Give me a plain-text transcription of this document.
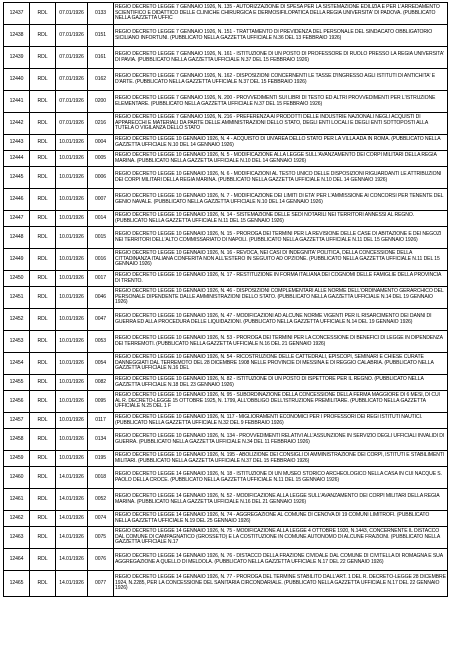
12437	RDL	07.01/1926	0133	REGIO DECRETO LEGGE 7 GENNAIO 1926, N. 135 - AUTORIZZAZIONE DI SPESA PER LA SISTEMAZIONE EDILIZIA E PER L'ARREDAMENTO SCIENTIFICO E DIDATTICO DELLE CLINICHE CHIRURGICA E DERMOSIFILOPATICA DELLA REGIA UNIVERSITA' DI PADOVA. (PUBBLICATO NELLA GAZZETTA UFFIC
12438	RDL	07.01/1926	0151	REGIO DECRETO LEGGE 7 GENNAIO 1926, N. 151 - TRATTAMENTO DI PREVIDENZA DEL PERSONALE DEL SINDACATO OBBLIGATORIO SICILIANO INFORTUNI. (PUBBLICATO NELLA GAZZETTA UFFICIALE N.36 DEL 13 FEBBRAIO 1926)
12439	RDL	07.01/1926	0161	REGIO DECRETO LEGGE 7 GENNAIO 1926, N. 161 - ISTITUZIONE DI UN POSTO DI PROFESSORE DI RUOLO PRESSO LA REGIA UNIVERSITA' DI PAVIA. (PUBBLICATO NELLA GAZZETTA UFFICIALE N.37 DEL 15 FEBBRAIO 1926)
12440	RDL	07.01/1926	0162	REGIO DECRETO LEGGE 7 GENNAIO 1926, N. 162 - DISPOSIZIONI CONCERNENTI LE TASSE D'INGRESSO AGLI ISTITUTI DI ANTICHITA' E D'ARTE. (PUBBLICATO NELLA GAZZETTA UFFICIALE N.37 DEL 15 FEBBRAIO 1926)
12441	RDL	07.01/1926	0200	REGIO DECRETO LEGGE 7 GENNAIO 1926, N. 200 - PROVVEDIMENTI SUI LIBRI DI TESTO ED ALTRI PROVVEDIMENTI PER L'ISTRUZIONE ELEMENTARE. (PUBBLICATO NELLA GAZZETTA UFFICIALE N.37 DEL 15 FEBBRAIO 1926)
12442	RDL	07.01/1926	0216	REGIO DECRETO LEGGE 7 GENNAIO 1926, N. 216 - PREFERENZA AI PRODOTTI DELLE INDUSTRIE NAZIONALI NEGLI ACQUISTI DI APPARECCHI E MATERIALI DA PARTE DELLE AMMINISTRAZIONI DELLO STATO, DEGLI ENTI LOCALI E DEGLI ENTI SOTTOPOSTI ALLA TUTELA O VIGILANZA DELLO STATO
12443	RDL	10.01/1926	0004	REGIO DECRETO LEGGE 10 GENNAIO 1926, N. 4 - ACQUISTO DI UN'AREA DELLO STATO PER LA VILLA ADA IN ROMA. (PUBBLICATO NELLA GAZZETTA UFFICIALE N.10 DEL 14 GENNAIO 1926)
12444	RDL	10.01/1926	0005	REGIO DECRETO LEGGE 10 GENNAIO 1926, N. 5 - MODIFICAZIONE ALLA LEGGE SULL'AVANZAMENTO DEI CORPI MILITARI DELLA REGIA MARINA. (PUBBLICATO NELLA GAZZETTA UFFICIALE N.10 DEL 14 GENNAIO 1926)
12445	RDL	10.01/1926	0006	REGIO DECRETO LEGGE 10 GENNAIO 1926, N. 6 - MODIFICAZIONI AL TESTO UNICO DELLE DISPOSIZIONI RIGUARDANTI LE ATTRIBUZIONI DEI CORPI MILITARI DELLA REGIA MARINA. (PUBBLICATO NELLA GAZZETTA UFFICIALE N.10 DEL 14 GENNAIO 1926)
12446	RDL	10.01/1926	0007	REGIO DECRETO LEGGE 10 GENNAIO 1926, N. 7 - MODIFICAZIONE DEI LIMITI DI ETA' PER L'AMMISSIONE AI CONCORSI PER TENENTE DEL GENIO NAVALE. (PUBBLICATO NELLA GAZZETTA UFFICIALE N.10 DEL 14 GENNAIO 1926)
12447	RDL	10.01/1926	0014	REGIO DECRETO LEGGE 10 GENNAIO 1926, N. 14 - SISTEMAZIONE DELLE SEDI NOTARILI NEI TERRITORI ANNESSI AL REGNO. (PUBBLICATO NELLA GAZZETTA UFFICIALE N.11 DEL 15 GENNAIO 1926)
12448	RDL	10.01/1926	0015	REGIO DECRETO LEGGE 10 GENNAIO 1926, N. 15 - PROROGA DEI TERMINI PER LA REVISIONE DELLE CASE DI ABITAZIONE E DEI NEGOZI NEI TERRITORI DELL'ALTO COMMISSARIATO DI NAPOLI. (PUBBLICATO NELLA GAZZETTA UFFICIALE N.11 DEL 15 GENNAIO 1926)
12449	RDL	10.01/1926	0016	REGIO DECRETO LEGGE 10 GENNAIO 1926, N. 16 - REVOCA, NEI CASI DI INDEGNITA' POLITICA, DELLA CONCESSIONE DELLA CITTADINANZA ITALIANA CONFERITA NON ALL'ESTERO IN SEGUITO AD OPZIONE. (PUBBLICATO NELLA GAZZETTA UFFICIALE N.11 DEL 15 GENNAIO 1926)
12450	RDL	10.01/1926	0017	REGIO DECRETO LEGGE 10 GENNAIO 1926, N. 17 - RESTITUZIONE IN FORMA ITALIANA DEI COGNOMI DELLE FAMIGLIE DELLA PROVINCIA DI TRENTO.
12451	RDL	10.01/1926	0046	REGIO DECRETO LEGGE 10 GENNAIO 1926, N. 46 - DISPOSIZIONI COMPLEMENTARI ALLE NORME DELL'ORDINAMENTO GERARCHICO DEL PERSONALE DIPENDENTE DALLE AMMINISTRAZIONI DELLO STATO. (PUBBLICATO NELLA GAZZETTA UFFICIALE N.14 DEL 19 GENNAIO 1926)
12452	RDL	10.01/1926	0047	REGIO DECRETO LEGGE 10 GENNAIO 1926, N. 47 - MODIFICAZIONI AD ALCUNE NORME VIGENTI PER IL RISARCIMENTO DEI DANNI DI GUERRA ED ALLA PROCEDURA DELLE LIQUIDAZIONI. (PUBBLICATO NELLA GAZZETTA UFFICIALE N.14 DEL 19 GENNAIO 1926)
12453	RDL	10.01/1926	0053	REGIO DECRETO LEGGE 10 GENNAIO 1926, N. 53 - PROROGA DEI TERMINI PER LA CONCESSIONE DI BENEFICI DI LEGGE IN DIPENDENZA DEI TERREMOTI. (PUBBLICATO NELLA GAZZETTA UFFICIALE N.16 DEL 21 GENNAIO 1926)
12454	RDL	10.01/1926	0054	REGIO DECRETO LEGGE 10 GENNAIO 1926, N. 54 - RICOSTRUZIONE DELLE CATTEDRALI, EPISCOPI, SEMINARI E CHIESE CURATE DANNEGGIATI DAL TERREMOTO DEL 28 DICEMBRE 1908 NELLE PROVINCIE DI MESSINA E DI REGGIO CALABRIA. (PUBBLICATO NELLA GAZZETTA UFFICIALE N.16 DEL
12455	RDL	10.01/1926	0082	REGIO DECRETO LEGGE 10 GENNAIO 1926, N. 82 - ISTITUZIONE DI UN POSTO DI ISPETTORE PER IL REGNO. (PUBBLICATO NELLA GAZZETTA UFFICIALE N.18 DEL 23 GENNAIO 1926)
12456	RDL	10.01/1926	0095	REGIO DECRETO LEGGE 10 GENNAIO 1926, N. 95 - SUBORDINAZIONE DELLA CONCESSIONE DELLA FERMA MAGGIORE DI 6 MESI, DI CUI AL R. DECRETO-LEGGE 15 OTTOBRE 1925, N. 1799, ALL'OBBLIGO DELL'ISTRUZIONE PREMILITARE. (PUBBLICATO NELLA GAZZETTA UFFICIALE N.25 DEL 1 F
12457	RDL	10.01/1926	0117	REGIO DECRETO LEGGE 10 GENNAIO 1926, N. 117 - MIGLIORAMENTI ECONOMICI PER I PROFESSORI DEI REGI ISTITUTI NAUTICI. (PUBBLICATO NELLA GAZZETTA UFFICIALE N.32 DEL 9 FEBBRAIO 1926)
12458	RDL	10.01/1926	0134	REGIO DECRETO LEGGE 10 GENNAIO 1926, N. 134 - PROVVEDIMENTI RELATIVI ALL'ASSUNZIONE IN SERVIZIO DEGLI UFFICIALI INVALIDI DI GUERRA. (PUBBLICATO NELLA GAZZETTA UFFICIALE N.34 DEL 11 FEBBRAIO 1926)
12459	RDL	10.01/1926	0195	REGIO DECRETO LEGGE 10 GENNAIO 1926, N. 195 - ABOLIZIONE DEI CONSIGLI DI AMMINISTRAZIONE DEI CORPI, ISTITUTI E STABILIMENTI MILITARI. (PUBBLICATO NELLA GAZZETTA UFFICIALE N.37 DEL 15 FEBBRAIO 1926)
12460	RDL	14.01/1926	0018	REGIO DECRETO LEGGE 14 GENNAIO 1926, N. 18 - ISTITUZIONE DI UN MUSEO STORICO ARCHEOLOGICO NELLA CASA IN CUI NACQUE S. PAOLO DELLA CROCE. (PUBBLICATO NELLA GAZZETTA UFFICIALE N.11 DEL 15 GENNAIO 1926)
12461	RDL	14.01/1926	0052	REGIO DECRETO LEGGE 14 GENNAIO 1926, N. 52 - MODIFICAZIONE ALLA LEGGE SULL'AVANZAMENTO DEI CORPI MILITARI DELLA REGIA MARINA. (PUBBLICATO NELLA GAZZETTA UFFICIALE N.16 DEL 21 GENNAIO 1926)
12462	RDL	14.01/1926	0074	REGIO DECRETO LEGGE 14 GENNAIO 1926, N. 74 - AGGREGAZIONE AL COMUNE DI CENOVA DI 19 COMUNI LIMITROFI. (PUBBLICATO NELLA GAZZETTA UFFICIALE N.19 DEL 25 GENNAIO 1926)
12463	RDL	14.01/1926	0075	REGIO DECRETO LEGGE 14 GENNAIO 1926, N. 75 - MODIFICAZIONE ALLA LEGGE 4 OTTOBRE 1920, N.1443, CONCERNENTE IL DISTACCO DAL COMUNE DI CAMPAGNATICO (GROSSETO) E LA COSTITUZIONE IN COMUNE AUTONOMO DI ALCUNE FRAZIONI. (PUBBLICATO NELLA GAZZETTA UFFICIALE N.17
12464	RDL	14.01/1926	0076	REGIO DECRETO LEGGE 14 GENNAIO 1926, N. 76 - DISTACCO DELLA FRAZIONE CIVIDALE DAL COMUNE DI CIVITELLA DI ROMAGNA E SUA AGGREGAZIONE A QUELLO DI MELDOLA. (PUBBLICATO NELLA GAZZETTA UFFICIALE N.17 DEL 22 GENNAIO 1926)
12465	RDL	14.01/1926	0077	REGIO DECRETO LEGGE 14 GENNAIO 1926, N. 77 - PROROGA DEL TERMINE STABILITO DALL'ART. 1 DEL R. DECRETO-LEGGE 28 DICEMBRE 1924, N.2285, PER LA CONCESSIONE DEL SANITARIA CIRCONDARIALE. (PUBBLICATO NELLA GAZZETTA UFFICIALE N.17 DEL 22 GENNAIO 1926)
